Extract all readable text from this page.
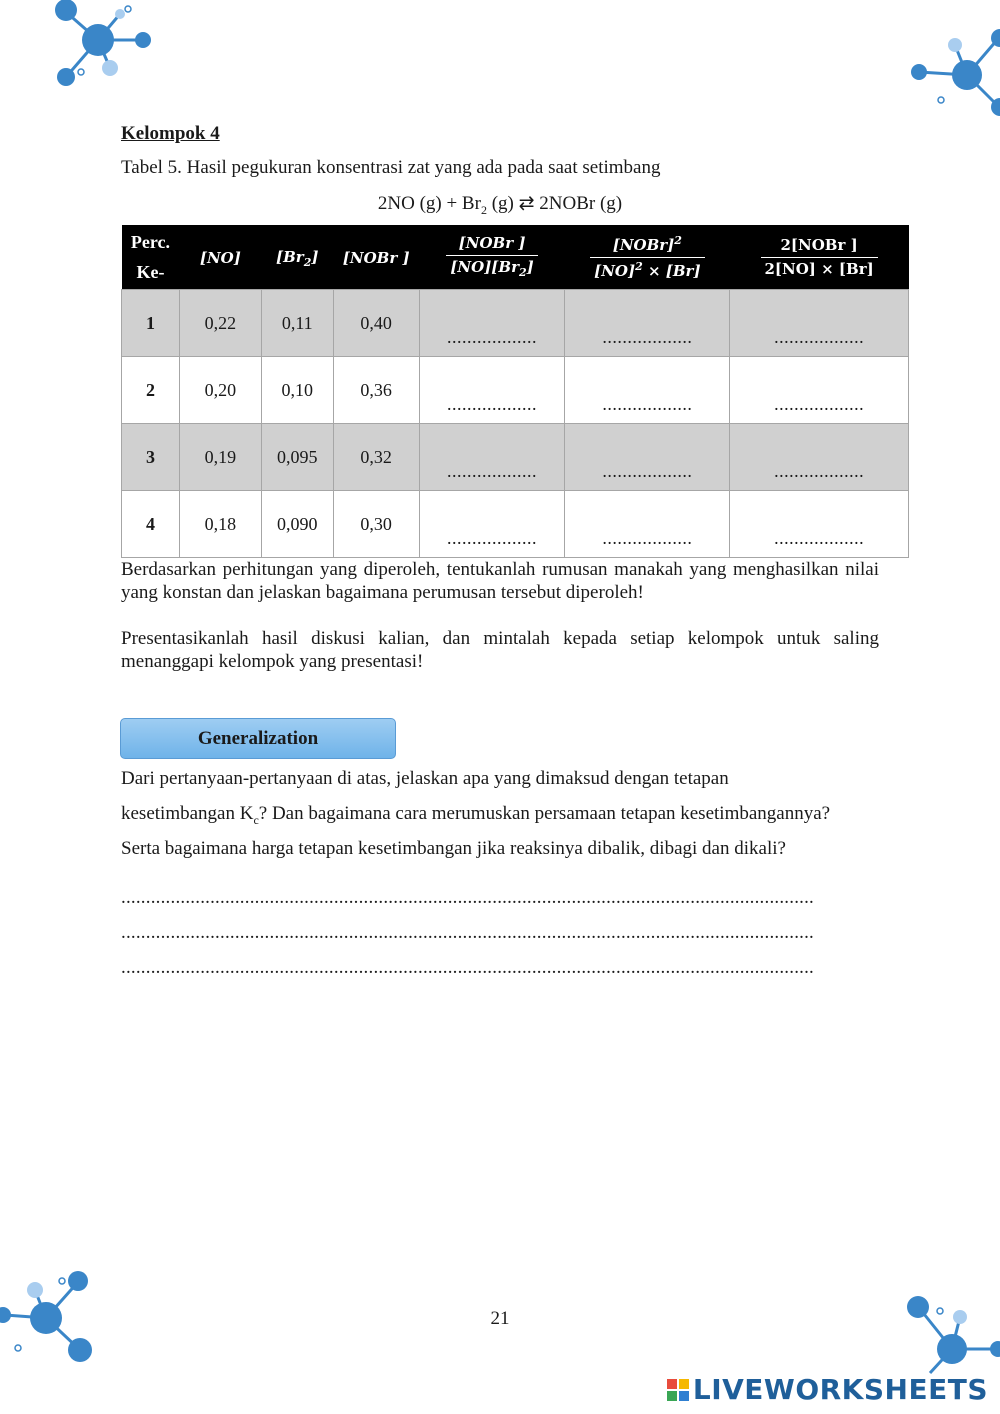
Kelompok 4
Tabel 5. Hasil pegukuran konsentrasi zat yang ada pada saat setimbang
2NO $(g) + Br_2$ (g) ⇄ 2NOBr (g)
Perc.
Ke-	[NO]	$[Br_2]$	[NOBr ]	$\frac{\text{[NOBr ]}}{[NO][Br_2]}$	$\frac{[NOBr]^2}{[NO]^2 \times [Br]}$	$\frac{\text{2[NOBr ]}}{2[NO] \times [Br]}$

1	0,22	0,11	0,40	..................	..................	..................
2	0,20	0,10	0,36	..................	..................	..................
3	0,19	0,095	0,32	..................	..................	..................
4	0,18	0,090	0,30	..................	..................	..................
Berdasarkan perhitungan yang diperoleh, tentukanlah rumusan manakah yang menghasilkan nilai yang konstan dan jelaskan bagaimana perumusan tersebut diperoleh!
Presentasikanlah hasil diskusi kalian, dan mintalah kepada setiap kelompok untuk saling menanggapi kelompok yang presentasi!
Generalization
Dari pertanyaan-pertanyaan di atas, jelaskan apa yang dimaksud dengan tetapan
kesetimbangan $K_c$? Dan bagaimana cara merumuskan persamaan tetapan kesetimbangannya?
Serta bagaimana harga tetapan kesetimbangan jika reaksinya dibalik, dibagi dan dikali?
............................................................................................................................................
............................................................................................................................................
............................................................................................................................................
21
LIVEWORKSHEETS
